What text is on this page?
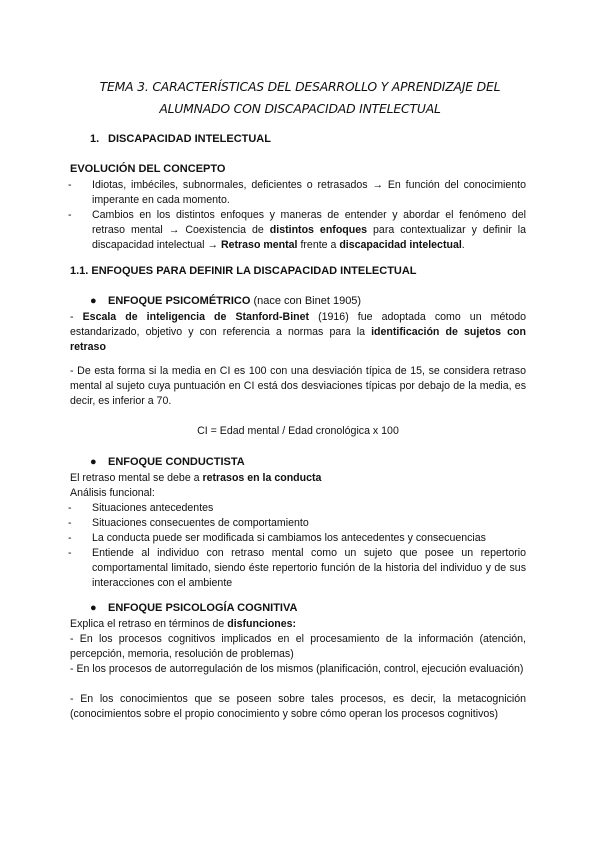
TEMA 3. CARACTERÍSTICAS DEL DESARROLLO Y APRENDIZAJE DEL
ALUMNADO CON DISCAPACIDAD INTELECTUAL
1. DISCAPACIDAD INTELECTUAL
EVOLUCIÓN DEL CONCEPTO
- Idiotas, imbéciles, subnormales, deficientes o retrasados → En función del conocimiento imperante en cada momento.
- Cambios en los distintos enfoques y maneras de entender y abordar el fenómeno del retraso mental → Coexistencia de distintos enfoques para contextualizar y definir la discapacidad intelectual → Retraso mental frente a discapacidad intelectual.
1.1. ENFOQUES PARA DEFINIR LA DISCAPACIDAD INTELECTUAL
● ENFOQUE PSICOMÉTRICO (nace con Binet 1905)
- Escala de inteligencia de Stanford-Binet (1916) fue adoptada como un método estandarizado, objetivo y con referencia a normas para la identificación de sujetos con retraso
- De esta forma si la media en CI es 100 con una desviación típica de 15, se considera retraso mental al sujeto cuya puntuación en CI está dos desviaciones típicas por debajo de la media, es decir, es inferior a 70.
CI = Edad mental / Edad cronológica x 100
● ENFOQUE CONDUCTISTA
El retraso mental se debe a retrasos en la conducta
Análisis funcional:
- Situaciones antecedentes
- Situaciones consecuentes de comportamiento
- La conducta puede ser modificada si cambiamos los antecedentes y consecuencias
- Entiende al individuo con retraso mental como un sujeto que posee un repertorio comportamental limitado, siendo éste repertorio función de la historia del individuo y de sus interacciones con el ambiente
● ENFOQUE PSICOLOGÍA COGNITIVA
Explica el retraso en términos de disfunciones:
- En los procesos cognitivos implicados en el procesamiento de la información (atención, percepción, memoria, resolución de problemas)
- En los procesos de autorregulación de los mismos (planificación, control, ejecución evaluación)
- En los conocimientos que se poseen sobre tales procesos, es decir, la metacognición (conocimientos sobre el propio conocimiento y sobre cómo operan los procesos cognitivos)
